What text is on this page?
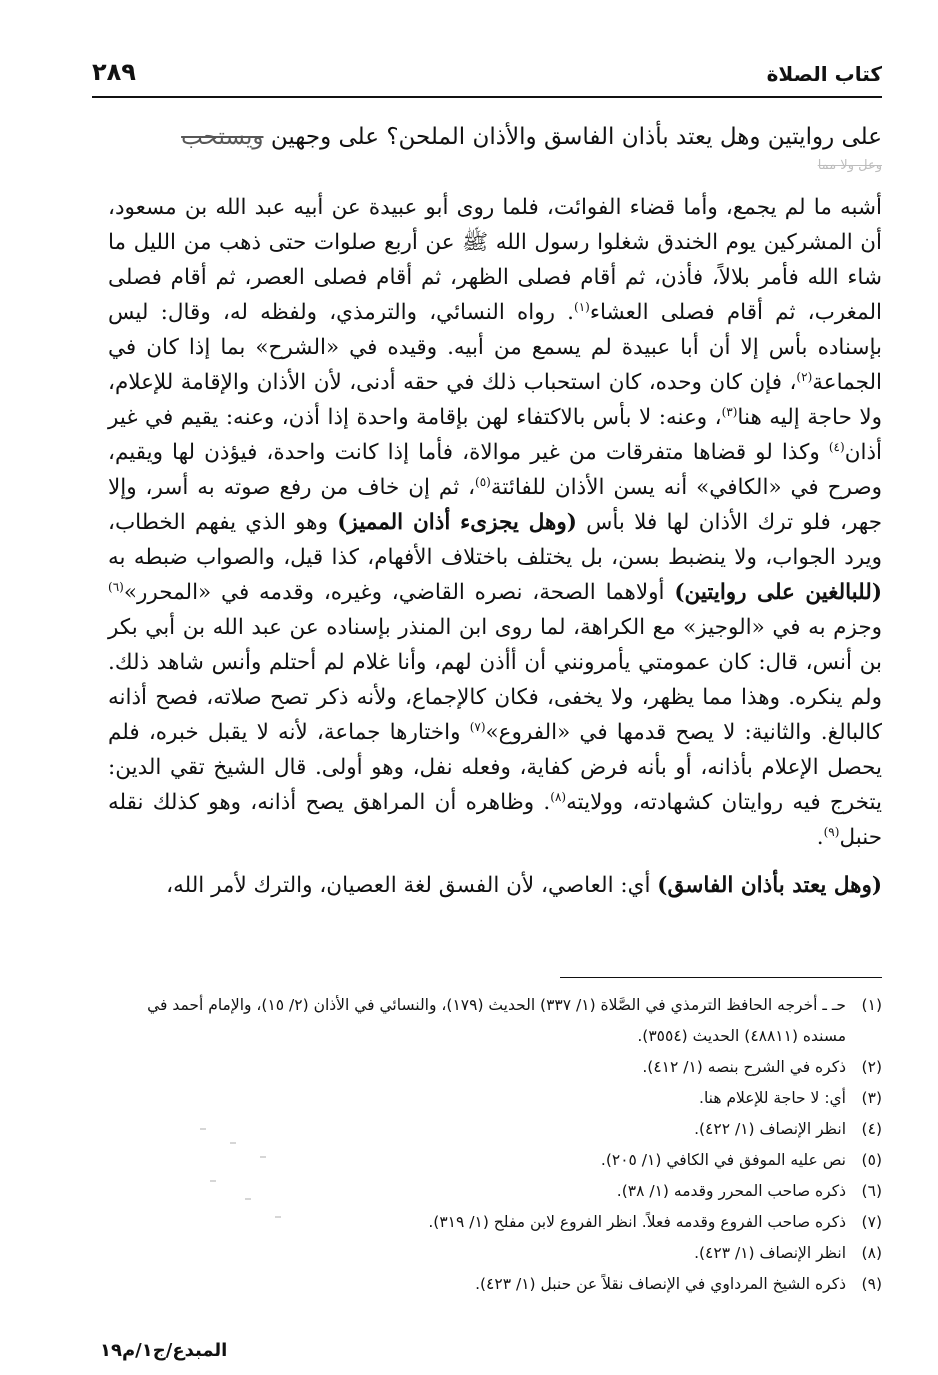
كتاب الصلاة
٢٨٩

على روايتين وهل يعتد بأذان الفاسق والأذان الملحن؟ على وجهين ويستحب

وعل ولا مما

أشبه ما لم يجمع، وأما قضاء الفوائت، فلما روى أبو عبيدة عن أبيه عبد الله بن مسعود، أن المشركين يوم الخندق شغلوا رسول الله ﷺ عن أربع صلوات حتى ذهب من الليل ما شاء الله فأمر بلالاً، فأذن، ثم أقام فصلى الظهر، ثم أقام فصلى العصر، ثم أقام فصلى المغرب، ثم أقام فصلى العشاء$^{(١)}$. رواه النسائي، والترمذي، ولفظه له، وقال: ليس بإسناده بأس إلا أن أبا عبيدة لم يسمع من أبيه. وقيده في «الشرح» بما إذا كان في الجماعة$^{(٢)}$، فإن كان وحده، كان استحباب ذلك في حقه أدنى، لأن الأذان والإقامة للإعلام، ولا حاجة إليه هنا$^{(٣)}$، وعنه: لا بأس بالاكتفاء لهن بإقامة واحدة إذا أذن، وعنه: يقيم في غير أذان$^{(٤)}$ وكذا لو قضاها متفرقات من غير موالاة، فأما إذا كانت واحدة، فيؤذن لها ويقيم، وصرح في «الكافي» أنه يسن الأذان للفائتة$^{(٥)}$، ثم إن خاف من رفع صوته به أسر، وإلا جهر، فلو ترك الأذان لها فلا بأس (وهل يجزىء أذان المميز) وهو الذي يفهم الخطاب، ويرد الجواب، ولا ينضبط بسن، بل يختلف باختلاف الأفهام، كذا قيل، والصواب ضبطه به (للبالغين على روايتين) أولاهما الصحة، نصره القاضي، وغيره، وقدمه في «المحرر»$^{(٦)}$ وجزم به في «الوجيز» مع الكراهة، لما روى ابن المنذر بإسناده عن عبد الله بن أبي بكر بن أنس، قال: كان عمومتي يأمرونني أن أأذن لهم، وأنا غلام لم أحتلم وأنس شاهد ذلك. ولم ينكره. وهذا مما يظهر، ولا يخفى، فكان كالإجماع، ولأنه ذكر تصح صلاته، فصح أذانه كالبالغ. والثانية: لا يصح قدمها في «الفروع»$^{(٧)}$ واختارها جماعة، لأنه لا يقبل خبره، فلم يحصل الإعلام بأذانه، أو بأنه فرض كفاية، وفعله نفل، وهو أولى. قال الشيخ تقي الدين: يتخرج فيه روايتان كشهادته، وولايته$^{(٨)}$. وظاهره أن المراهق يصح أذانه، وهو كذلك نقله حنبل$^{(٩)}$.

(وهل يعتد بأذان الفاسق) أي: العاصي، لأن الفسق لغة العصيان، والترك لأمر الله،

(١)
حـ ـ أخرجه الحافظ الترمذي في الصَّلاة (١/ ٣٣٧) الحديث (١٧٩)، والنسائي في الأذان (٢/ ١٥)، والإمام أحمد في مسنده (٤٨٨١١) الحديث (٣٥٥٤).
(٢)
ذكره في الشرح بنصه (١/ ٤١٢).
(٣)
أي: لا حاجة للإعلام هنا.
(٤)
انظر الإنصاف (١/ ٤٢٢).
(٥)
نص عليه الموفق في الكافي (١/ ٢٠٥).
(٦)
ذكره صاحب المحرر وقدمه (١/ ٣٨).
(٧)
ذكره صاحب الفروع وقدمه فعلاً. انظر الفروع لابن مفلح (١/ ٣١٩).
(٨)
انظر الإنصاف (١/ ٤٢٣).
(٩)
ذكره الشيخ المرداوي في الإنصاف نقلاً عن حنبل (١/ ٤٢٣).
المبدع/ج١/م١٩
